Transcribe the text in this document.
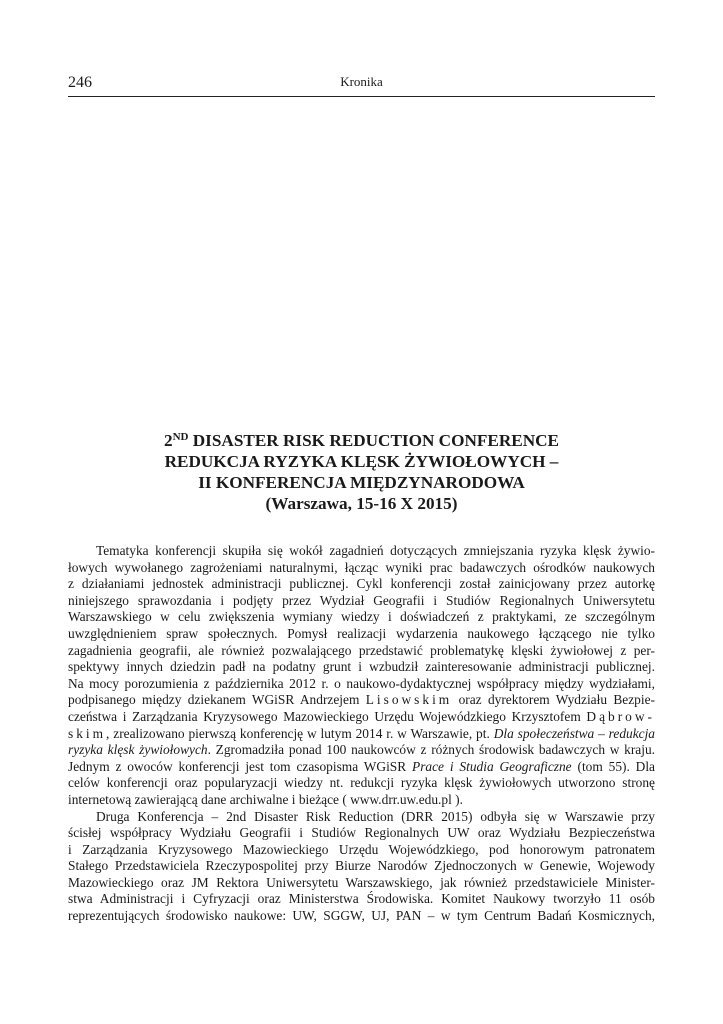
246	Kronika
2ND DISASTER RISK REDUCTION CONFERENCE
REDUKCJA RYZYKA KLĘSK ŻYWIOŁOWYCH –
II KONFERENCJA MIĘDZYNARODOWA
(Warszawa, 15-16 X 2015)
Tematyka konferencji skupiła się wokół zagadnień dotyczących zmniejszania ryzyka klęsk żywio-
łowych wywołanego zagrożeniami naturalnymi, łącząc wyniki prac badawczych ośrodków naukowych
z działaniami jednostek administracji publicznej. Cykl konferencji został zainicjowany przez autorkę
niniejszego sprawozdania i podjęty przez Wydział Geografii i Studiów Regionalnych Uniwersytetu
Warszawskiego w celu zwiększenia wymiany wiedzy i doświadczeń z praktykami, ze szczególnym
uwzględnieniem spraw społecznych. Pomysł realizacji wydarzenia naukowego łączącego nie tylko
zagadnienia geografii, ale również pozwalającego przedstawić problematykę klęski żywiołowej z per-
spektywy innych dziedzin padł na podatny grunt i wzbudził zainteresowanie administracji publicznej.
Na mocy porozumienia z października 2012 r. o naukowo-dydaktycznej współpracy między wydziałami,
podpisanego między dziekanem WGiSR Andrzejem Lisowskim oraz dyrektorem Wydziału Bezpie-
czeństwa i Zarządzania Kryzysowego Mazowieckiego Urzędu Wojewódzkiego Krzysztofem Dąbrow-
skim, zrealizowano pierwszą konferencję w lutym 2014 r. w Warszawie, pt. Dla społeczeństwa – redukcja
ryzyka klęsk żywiołowych. Zgromadziła ponad 100 naukowców z różnych środowisk badawczych w kraju.
Jednym z owoców konferencji jest tom czasopisma WGiSR Prace i Studia Geograficzne (tom 55). Dla
celów konferencji oraz popularyzacji wiedzy nt. redukcji ryzyka klęsk żywiołowych utworzono stronę
internetową zawierającą dane archiwalne i bieżące ( www.drr.uw.edu.pl ).
Druga Konferencja – 2nd Disaster Risk Reduction (DRR 2015) odbyła się w Warszawie przy
ścisłej współpracy Wydziału Geografii i Studiów Regionalnych UW oraz Wydziału Bezpieczeństwa
i Zarządzania Kryzysowego Mazowieckiego Urzędu Wojewódzkiego, pod honorowym patronatem
Stałego Przedstawiciela Rzeczypospolitej przy Biurze Narodów Zjednoczonych w Genewie, Wojewody
Mazowieckiego oraz JM Rektora Uniwersytetu Warszawskiego, jak również przedstawiciele Minister-
stwa Administracji i Cyfryzacji oraz Ministerstwa Środowiska. Komitet Naukowy tworzyło 11 osób
reprezentujących środowisko naukowe: UW, SGGW, UJ, PAN – w tym Centrum Badań Kosmicznych,
